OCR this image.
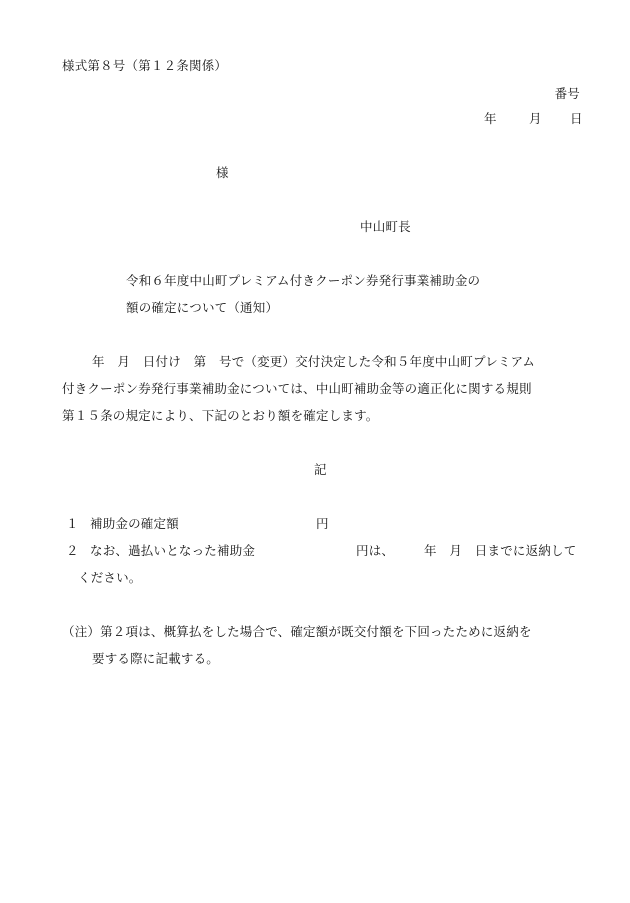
様式第８号（第１２条関係）
番号
年	月 日
様
中山町長
令和６年度中山町プレミアム付きクーポン券発行事業補助金の
額の確定について（通知）
年　月　日付け　第　号で（変更）交付決定した令和５年度中山町プレミアム
付きクーポン券発行事業補助金については、中山町補助金等の適正化に関する規則
第１５条の規定により、下記のとおり額を確定します。
記
１ 補助金の確定額	円
２ なお、過払いとなった補助金	円は、 年　月　日までに返納して
ください。
（注）第２項は、概算払をした場合で、確定額が既交付額を下回ったために返納を
要する際に記載する。
